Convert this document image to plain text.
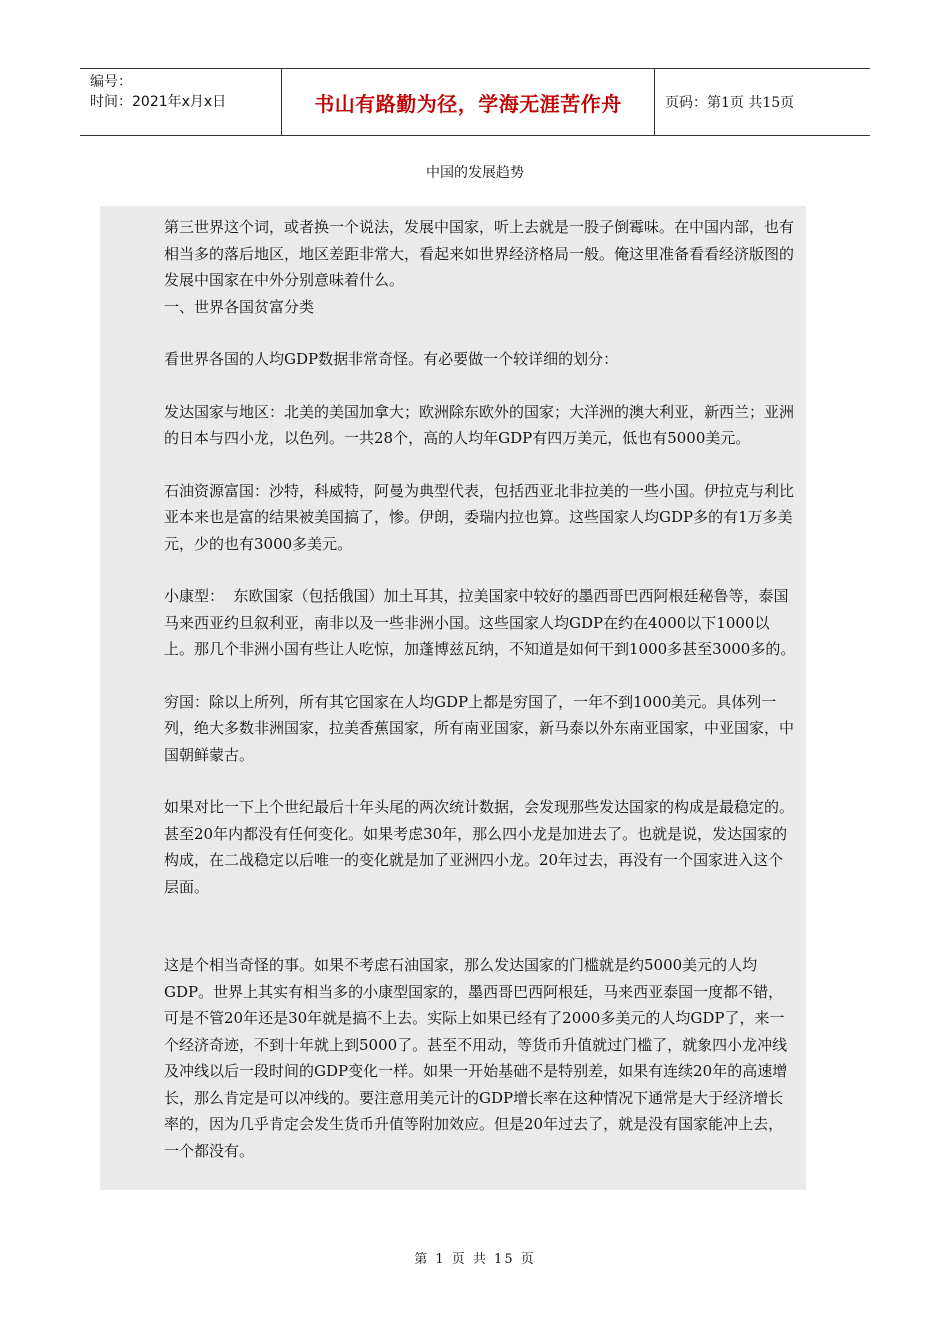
编号：
时间：2021年x月x日	书山有路勤为径，学海无涯苦作舟	页码：第1页 共15页
中国的发展趋势

第三世界这个词，或者换一个说法，发展中国家，听上去就是一股子倒霉味。在中国内部，也有相当多的落后地区，地区差距非常大，看起来如世界经济格局一般。俺这里准备看看经济版图的发展中国家在中外分别意味着什么。

一、世界各国贫富分类

看世界各国的人均GDP数据非常奇怪。有必要做一个较详细的划分：

发达国家与地区：北美的美国加拿大；欧洲除东欧外的国家；大洋洲的澳大利亚，新西兰；亚洲的日本与四小龙，以色列。一共28个，高的人均年GDP有四万美元，低也有5000美元。

石油资源富国：沙特，科威特，阿曼为典型代表，包括西亚北非拉美的一些小国。伊拉克与利比亚本来也是富的结果被美国搞了，惨。伊朗，委瑞内拉也算。这些国家人均GDP多的有1万多美元，少的也有3000多美元。

小康型：  东欧国家（包括俄国）加土耳其，拉美国家中较好的墨西哥巴西阿根廷秘鲁等，泰国马来西亚约旦叙利亚，南非以及一些非洲小国。这些国家人均GDP在约在4000以下1000以上。那几个非洲小国有些让人吃惊，加蓬博兹瓦纳，不知道是如何干到1000多甚至3000多的。

穷国：除以上所列，所有其它国家在人均GDP上都是穷国了，一年不到1000美元。具体列一列，绝大多数非洲国家，拉美香蕉国家，所有南亚国家，新马泰以外东南亚国家，中亚国家，中国朝鲜蒙古。

如果对比一下上个世纪最后十年头尾的两次统计数据，会发现那些发达国家的构成是最稳定的。甚至20年内都没有任何变化。如果考虑30年，那么四小龙是加进去了。也就是说，发达国家的构成，在二战稳定以后唯一的变化就是加了亚洲四小龙。20年过去，再没有一个国家进入这个层面。

这是个相当奇怪的事。如果不考虑石油国家，那么发达国家的门槛就是约5000美元的人均GDP。世界上其实有相当多的小康型国家的，墨西哥巴西阿根廷，马来西亚泰国一度都不错，可是不管20年还是30年就是搞不上去。实际上如果已经有了2000多美元的人均GDP了，来一个经济奇迹，不到十年就上到5000了。甚至不用动，等货币升值就过门槛了，就象四小龙冲线及冲线以后一段时间的GDP变化一样。如果一开始基础不是特别差，如果有连续20年的高速增长，那么肯定是可以冲线的。要注意用美元计的GDP增长率在这种情况下通常是大于经济增长率的，因为几乎肯定会发生货币升值等附加效应。但是20年过去了，就是没有国家能冲上去，一个都没有。

第 1 页 共 15 页
